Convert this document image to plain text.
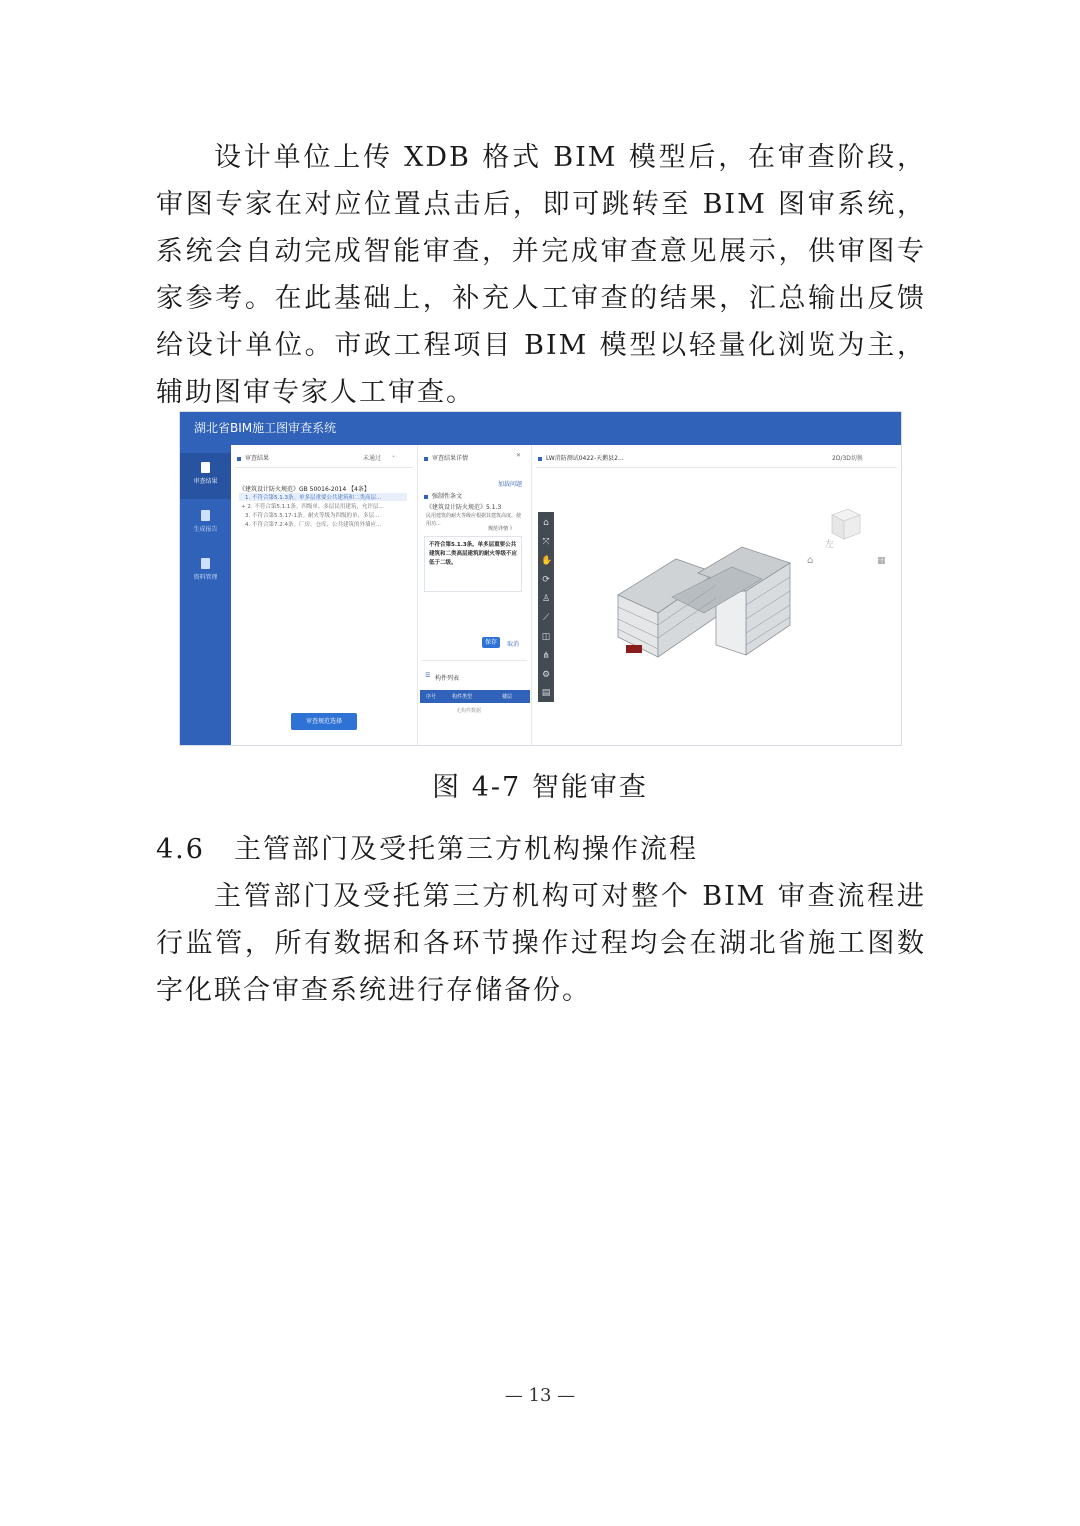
设计单位上传 XDB 格式 BIM 模型后，在审查阶段，审图专家在对应位置点击后，即可跳转至 BIM 图审系统，系统会自动完成智能审查，并完成审查意见展示，供审图专家参考。在此基础上，补充人工审查的结果，汇总输出反馈给设计单位。市政工程项目 BIM 模型以轻量化浏览为主，辅助图审专家人工审查。

湖北省BIM施工图审查系统
审查结果
生成报告
资料管理
审查结果	未通过 ⌄
《建筑设计防火规范》GB 50016-2014 【4条】
1. 不符合第5.1.3条。单多层重要公共建筑和二类高层...
+ 2. 不符合第5.1.1条。四级单、多层民用建筑，允许层...
3. 不符合第5.5.17-1条。耐火等级为四级的单、多层...
4. 不符合第7.2.4条。厂房、仓库、公共建筑的外墙应...
审查规范选择
审查结果详情	✕
加载问题
强制性条文
《建筑设计防火规范》5.1.3
民用建筑的耐火等级应根据其建筑高度、使用功...
规范详情 》
不符合第5.1.3条。单多层重要公共建筑和二类高层建筑的耐火等级不应低于二级。
保存	取消
☰ 构件列表
序号	构件类型	楼层
无构件数据
LW消防测试0422-天鹅县2...	2D/3D切换
左
⌂	▦
⌂
⤧
✋
⟳
♙
⟋
◫
⋔
⚙
▤
图 4-7 智能审查

4.6 主管部门及受托第三方机构操作流程

主管部门及受托第三方机构可对整个 BIM 审查流程进行监管，所有数据和各环节操作过程均会在湖北省施工图数字化联合审查系统进行存储备份。

— 13 —
